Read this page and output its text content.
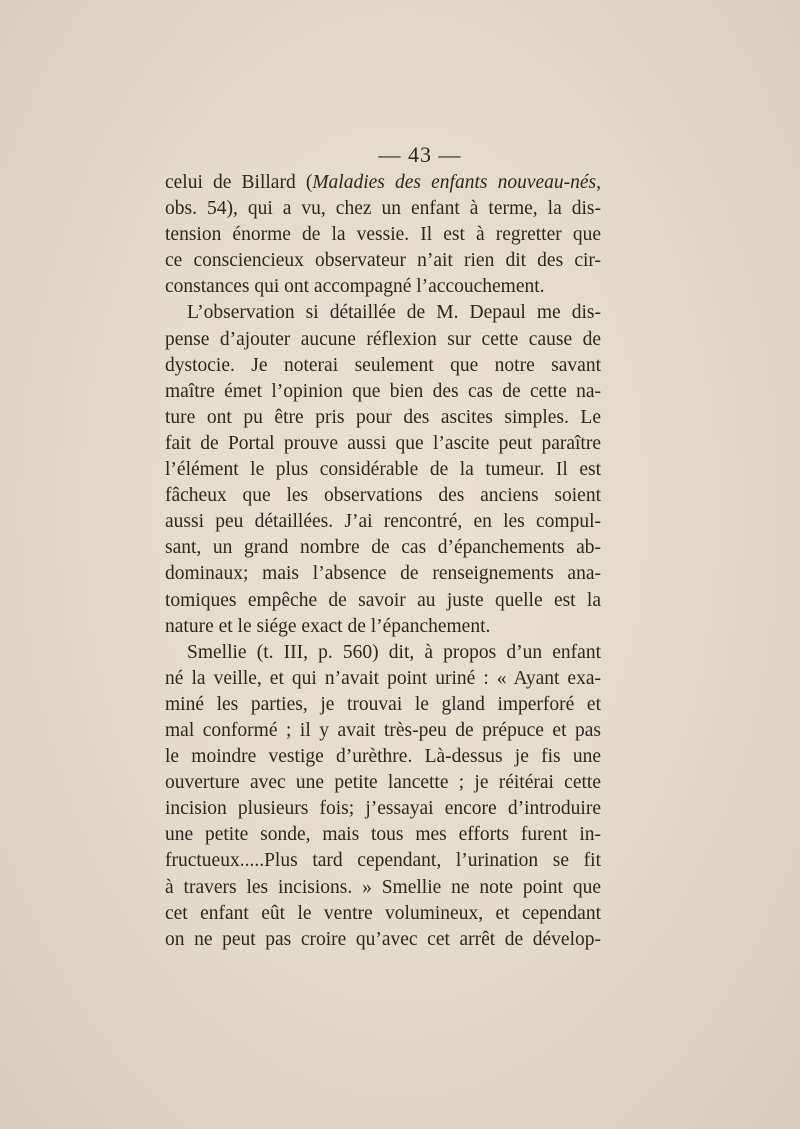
— 43 —
celui de Billard (Maladies des enfants nouveau-nés,
obs. 54), qui a vu, chez un enfant à terme, la dis-
tension énorme de la vessie. Il est à regretter que
ce consciencieux observateur n’ait rien dit des cir-
constances qui ont accompagné l’accouchement.
L’observation si détaillée de M. Depaul me dis-
pense d’ajouter aucune réflexion sur cette cause de
dystocie. Je noterai seulement que notre savant
maître émet l’opinion que bien des cas de cette na-
ture ont pu être pris pour des ascites simples. Le
fait de Portal prouve aussi que l’ascite peut paraître
l’élément le plus considérable de la tumeur. Il est
fâcheux que les observations des anciens soient
aussi peu détaillées. J’ai rencontré, en les compul-
sant, un grand nombre de cas d’épanchements ab-
dominaux; mais l’absence de renseignements ana-
tomiques empêche de savoir au juste quelle est la
nature et le siége exact de l’épanchement.
Smellie (t. III, p. 560) dit, à propos d’un enfant
né la veille, et qui n’avait point uriné : « Ayant exa-
miné les parties, je trouvai le gland imperforé et
mal conformé ; il y avait très-peu de prépuce et pas
le moindre vestige d’urèthre. Là-dessus je fis une
ouverture avec une petite lancette ; je réitérai cette
incision plusieurs fois; j’essayai encore d’introduire
une petite sonde, mais tous mes efforts furent in-
fructueux.....Plus tard cependant, l’urination se fit
à travers les incisions. » Smellie ne note point que
cet enfant eût le ventre volumineux, et cependant
on ne peut pas croire qu’avec cet arrêt de dévelop-
